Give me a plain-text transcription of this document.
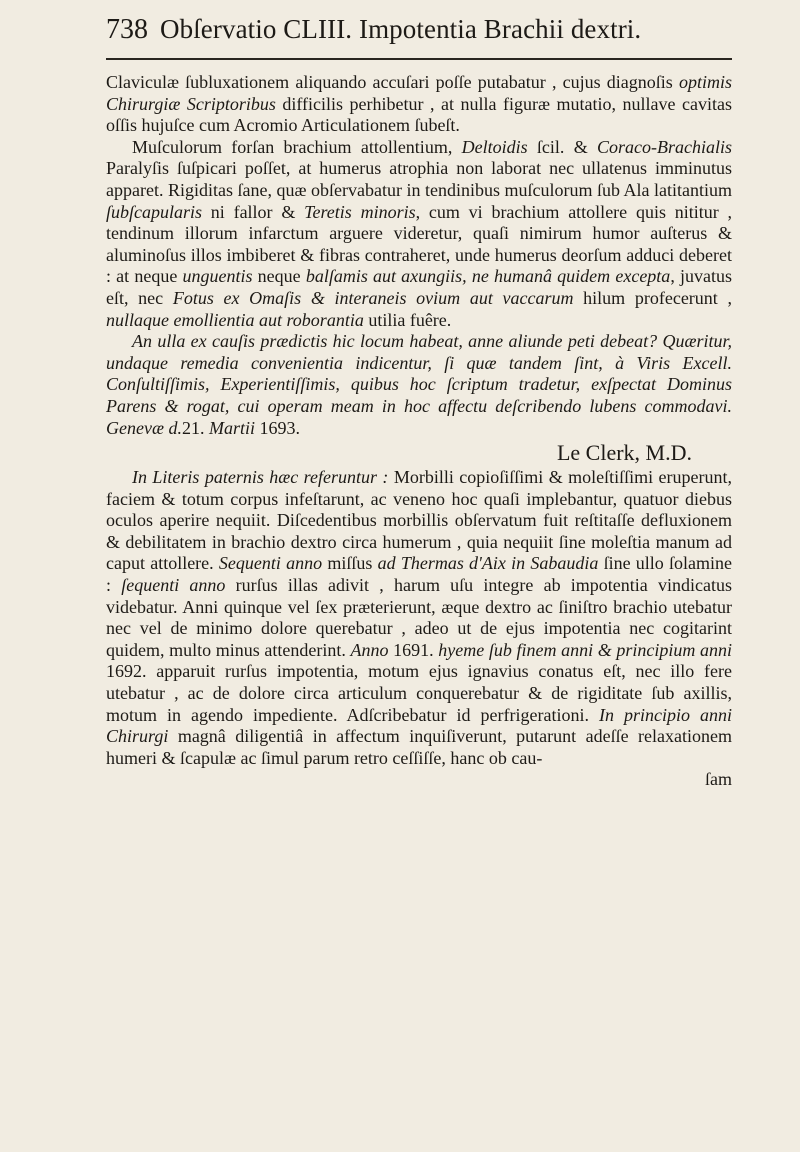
738 Obſervatio CLIII. Impotentia Brachii dextri.

Claviculæ ſubluxationem aliquando accuſari poſſe putabatur , cujus diagnoſis optimis Chirurgiæ Scriptoribus difficilis perhibetur , at nulla figuræ mutatio, nullave cavitas oſſis hujuſce cum Acromio Articulationem ſubeſt.

Muſculorum forſan brachium attollentium, Deltoidis ſcil. & Coraco-Brachialis Paralyſis ſuſpicari poſſet, at humerus atrophia non laborat nec ullatenus imminutus apparet. Rigiditas ſane, quæ obſervabatur in tendinibus muſculorum ſub Ala latitantium ſubſcapularis ni fallor & Teretis minoris, cum vi brachium attollere quis nititur , tendinum illorum infarctum arguere videretur, quaſi nimirum humor auſterus & aluminoſus illos imbiberet & fibras contraheret, unde humerus deorſum adduci deberet : at neque unguentis neque balſamis aut axungiis, ne humanâ quidem excepta, juvatus eſt, nec Fotus ex Omaſis & interaneis ovium aut vaccarum hilum profecerunt , nullaque emollientia aut roborantia utilia fuêre.

An ulla ex cauſis prædictis hic locum habeat, anne aliunde peti debeat? Quæritur, undaque remedia convenientia indicentur, ſi quæ tandem ſint, à Viris Excell. Conſultiſſimis, Experientiſſimis, quibus hoc ſcriptum tradetur, exſpectat Dominus Parens & rogat, cui operam meam in hoc affectu deſcribendo lubens commodavi. Genevæ d.21. Martii 1693.

Le Clerk, M.D.

In Literis paternis hæc referuntur : Morbilli copioſiſſimi & moleſtiſſimi eruperunt, faciem & totum corpus infeſtarunt, ac veneno hoc quaſi implebantur, quatuor diebus oculos aperire nequiit. Diſcedentibus morbillis obſervatum fuit reſtitaſſe defluxionem & debilitatem in brachio dextro circa humerum , quia nequiit ſine moleſtia manum ad caput attollere. Sequenti anno miſſus ad Thermas d'Aix in Sabaudia ſine ullo ſolamine : ſequenti anno rurſus illas adivit , harum uſu integre ab impotentia vindicatus videbatur. Anni quinque vel ſex præterierunt, æque dextro ac ſiniſtro brachio utebatur nec vel de minimo dolore querebatur , adeo ut de ejus impotentia nec cogitarint quidem, multo minus attenderint. Anno 1691. hyeme ſub finem anni & principium anni 1692. apparuit rurſus impotentia, motum ejus ignavius conatus eſt, nec illo fere utebatur , ac de dolore circa articulum conquerebatur & de rigiditate ſub axillis, motum in agendo impediente. Adſcribebatur id perfrigerationi. In principio anni Chirurgi magnâ diligentiâ in affectum inquiſiverunt, putarunt adeſſe relaxationem humeri & ſcapulæ ac ſimul parum retro ceſſiſſe, hanc ob cau-

ſam
